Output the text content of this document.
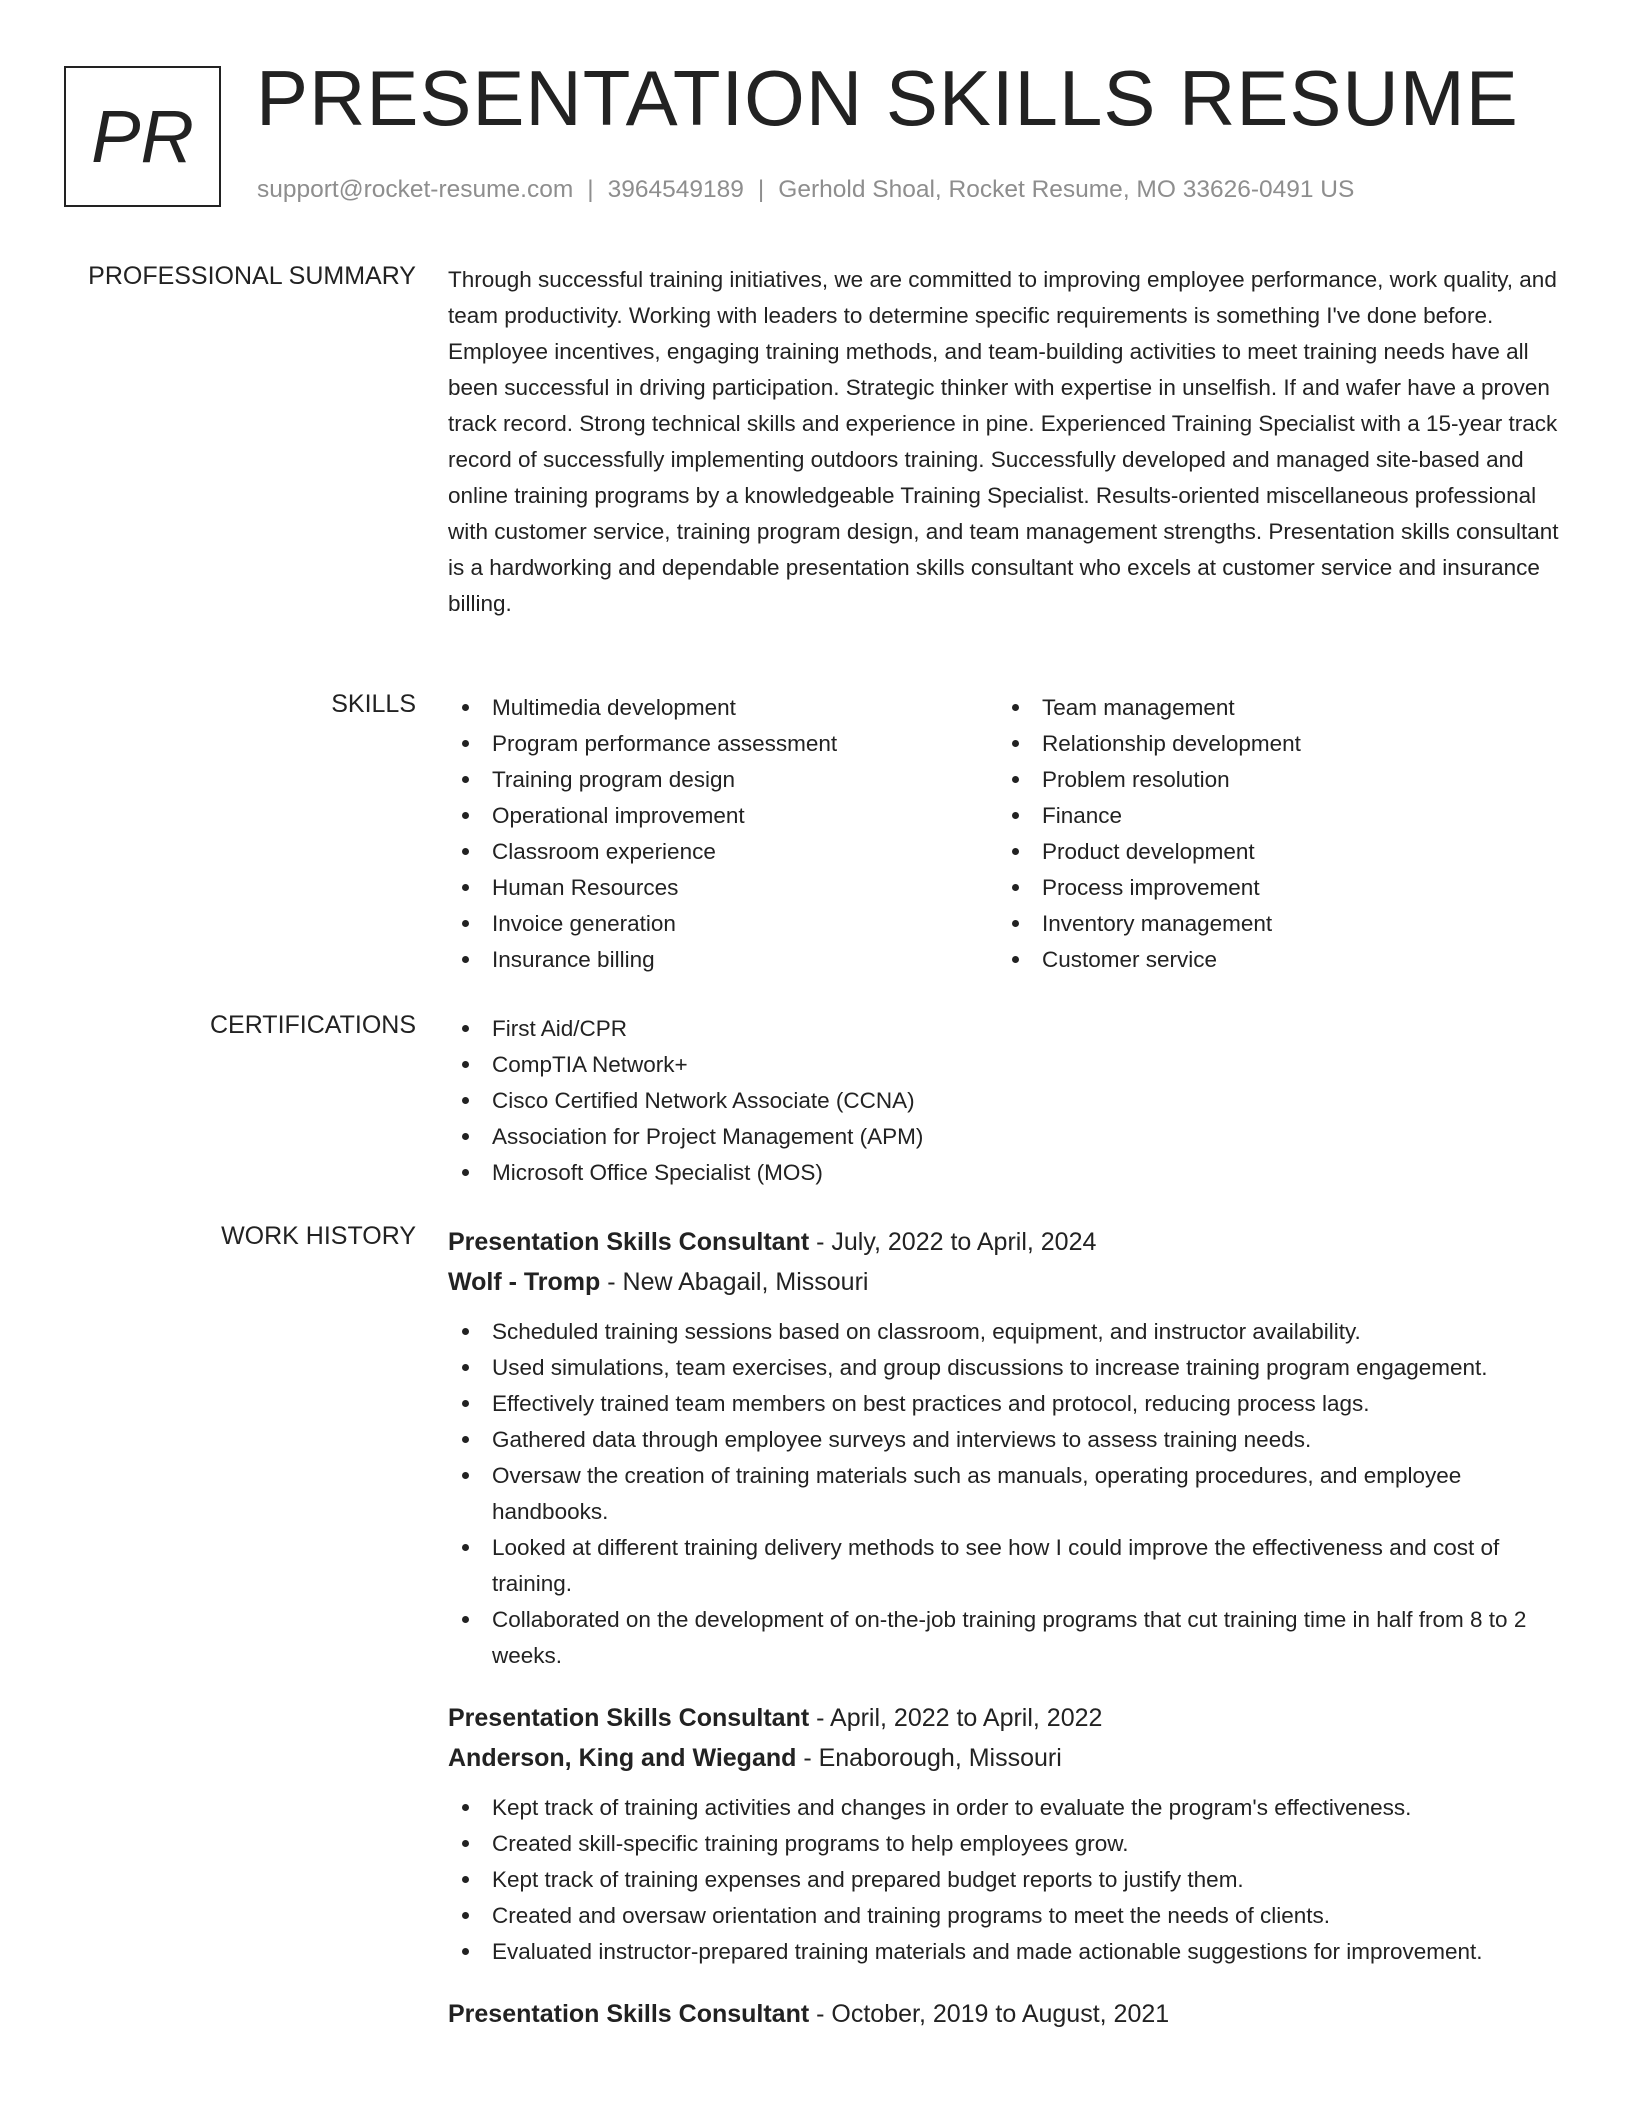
PR PRESENTATION SKILLS RESUME
support@rocket-resume.com | 3964549189 | Gerhold Shoal, Rocket Resume, MO 33626-0491 US
PROFESSIONAL SUMMARY Through successful training initiatives, we are committed to improving employee performance, work quality, and team productivity. Working with leaders to determine specific requirements is something I've done before. Employee incentives, engaging training methods, and team-building activities to meet training needs have all been successful in driving participation. Strategic thinker with expertise in unselfish. If and wafer have a proven track record. Strong technical skills and experience in pine. Experienced Training Specialist with a 15-year track record of successfully implementing outdoors training. Successfully developed and managed site-based and online training programs by a knowledgeable Training Specialist. Results-oriented miscellaneous professional with customer service, training program design, and team management strengths. Presentation skills consultant is a hardworking and dependable presentation skills consultant who excels at customer service and insurance billing.
SKILLS	Multimedia development
Program performance assessment
Training program design
Operational improvement
Classroom experience
Human Resources
Invoice generation
Insurance billing
Team management
Relationship development
Problem resolution
Finance
Product development
Process improvement
Inventory management
Customer service
CERTIFICATIONS	First Aid/CPR
CompTIA Network+
Cisco Certified Network Associate (CCNA)
Association for Project Management (APM)
Microsoft Office Specialist (MOS)
WORK HISTORY Presentation Skills Consultant - July, 2022 to April, 2024
Wolf - Tromp - New Abagail, Missouri
Scheduled training sessions based on classroom, equipment, and instructor availability.
Used simulations, team exercises, and group discussions to increase training program engagement.
Effectively trained team members on best practices and protocol, reducing process lags.
Gathered data through employee surveys and interviews to assess training needs.
Oversaw the creation of training materials such as manuals, operating procedures, and employee handbooks.
Looked at different training delivery methods to see how I could improve the effectiveness and cost of training.
Collaborated on the development of on-the-job training programs that cut training time in half from 8 to 2 weeks.
Presentation Skills Consultant - April, 2022 to April, 2022
Anderson, King and Wiegand - Enaborough, Missouri
Kept track of training activities and changes in order to evaluate the program's effectiveness.
Created skill-specific training programs to help employees grow.
Kept track of training expenses and prepared budget reports to justify them.
Created and oversaw orientation and training programs to meet the needs of clients.
Evaluated instructor-prepared training materials and made actionable suggestions for improvement.
Presentation Skills Consultant - October, 2019 to August, 2021
